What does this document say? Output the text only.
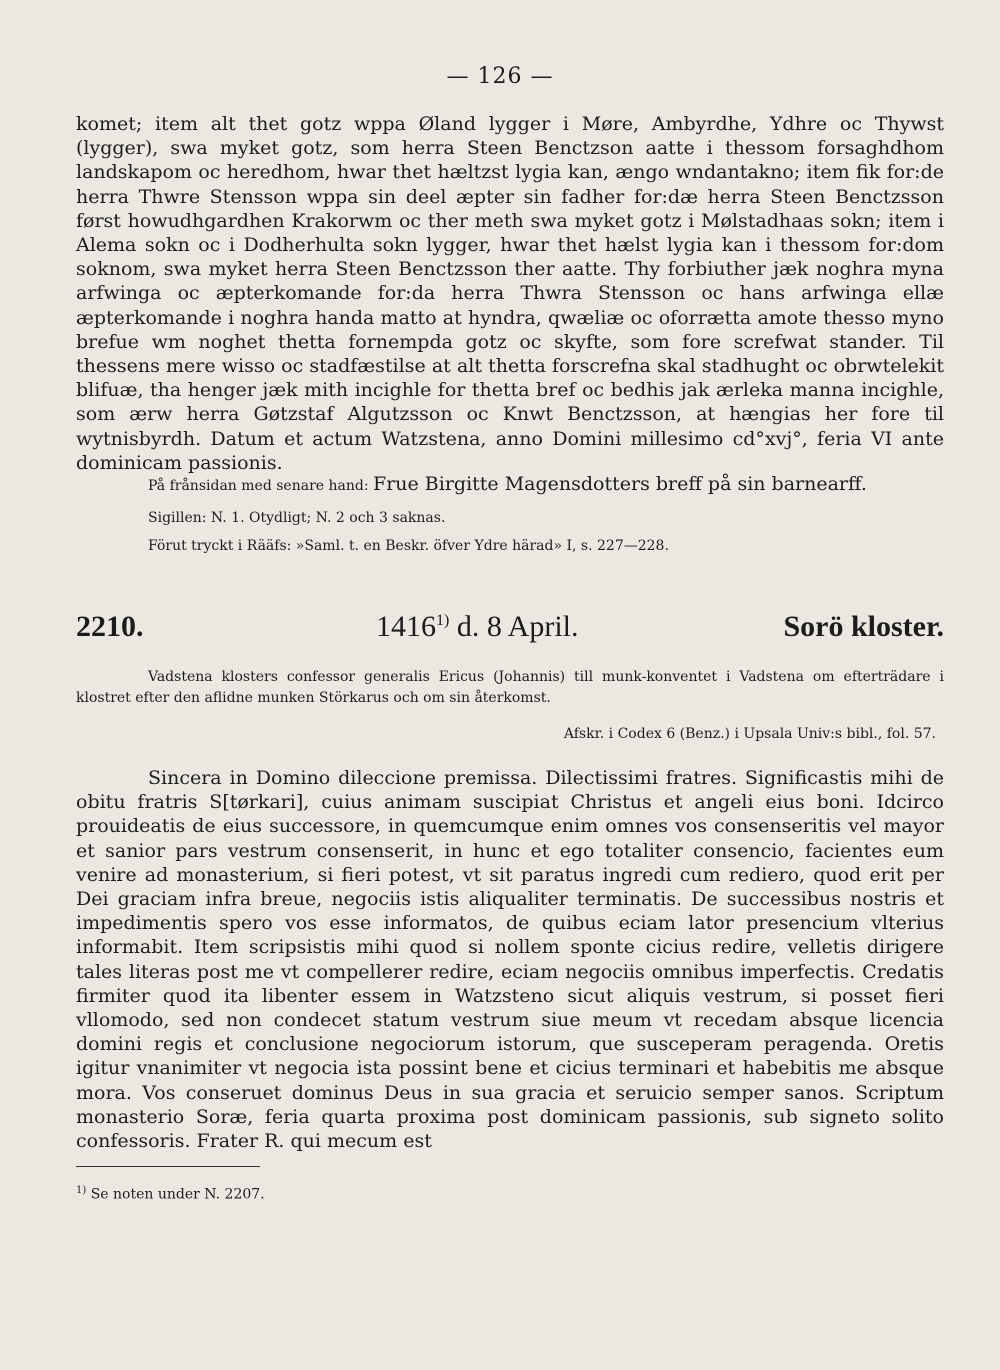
— 126 —
komet; item alt thet gotz wppa Øland lygger i Møre, Ambyrdhe, Ydhre oc Thywst (lygger), swa myket gotz, som herra Steen Benctzson aatte i thessom forsaghdhom landskapom oc heredhom, hwar thet hæltzst lygia kan, ængo wndantakno; item fik for:de herra Thwre Stensson wppa sin deel æpter sin fadher for:dæ herra Steen Benctzsson først howudhgardhen Krakorwm oc ther meth swa myket gotz i Mølstadhaas sokn; item i Alema sokn oc i Dodherhulta sokn lygger, hwar thet hælst lygia kan i thessom for:dom soknom, swa myket herra Steen Benctzsson ther aatte. Thy forbiuther jæk noghra myna arfwinga oc æpterkomande for:da herra Thwra Stensson oc hans arfwinga ellæ æpterkomande i noghra handa matto at hyndra, qwæliæ oc oforrætta amote thesso myno brefue wm noghet thetta fornempda gotz oc skyfte, som fore screfwat stander. Til thessens mere wisso oc stadfæstilse at alt thetta forscrefna skal stadhught oc obrwtelekit blifuæ, tha henger jæk mith incighle for thetta bref oc bedhis jak ærleka manna incighle, som ærw herra Gøtzstaf Algutzsson oc Knwt Benctzsson, at hængias her fore til wytnisbyrdh. Datum et actum Watzstena, anno Domini millesimo cd°xvj°, feria VI ante dominicam passionis.
På frånsidan med senare hand: Frue Birgitte Magensdotters breff på sin barnearff.
Sigillen: N. 1. Otydligt; N. 2 och 3 saknas.
Förut tryckt i Rääfs: »Saml. t. en Beskr. öfver Ydre härad» I, s. 227—228.
2210.	1416$^{1)}$ d. 8 April.	Sorö kloster.
Vadstena klosters confessor generalis Ericus (Johannis) till munk-konventet i Vadstena om efterträdare i klostret efter den aflidne munken Störkarus och om sin återkomst.
Afskr. i Codex 6 (Benz.) i Upsala Univ:s bibl., fol. 57.
Sincera in Domino dileccione premissa. Dilectissimi fratres. Significastis mihi de obitu fratris S[tørkari], cuius animam suscipiat Christus et angeli eius boni. Idcirco prouideatis de eius successore, in quemcumque enim omnes vos consenseritis vel mayor et sanior pars vestrum consenserit, in hunc et ego totaliter consencio, facientes eum venire ad monasterium, si fieri potest, vt sit paratus ingredi cum rediero, quod erit per Dei graciam infra breue, negociis istis aliqualiter terminatis. De successibus nostris et impedimentis spero vos esse informatos, de quibus eciam lator presencium vlterius informabit. Item scripsistis mihi quod si nollem sponte cicius redire, velletis dirigere tales literas post me vt compellerer redire, eciam negociis omnibus imperfectis. Credatis firmiter quod ita libenter essem in Watzsteno sicut aliquis vestrum, si posset fieri vllomodo, sed non condecet statum vestrum siue meum vt recedam absque licencia domini regis et conclusione negociorum istorum, que susceperam peragenda. Oretis igitur vnanimiter vt negocia ista possint bene et cicius terminari et habebitis me absque mora. Vos conseruet dominus Deus in sua gracia et seruicio semper sanos. Scriptum monasterio Soræ, feria quarta proxima post dominicam passionis, sub signeto solito confessoris. Frater R. qui mecum est
$^{1)}$ Se noten under N. 2207.
